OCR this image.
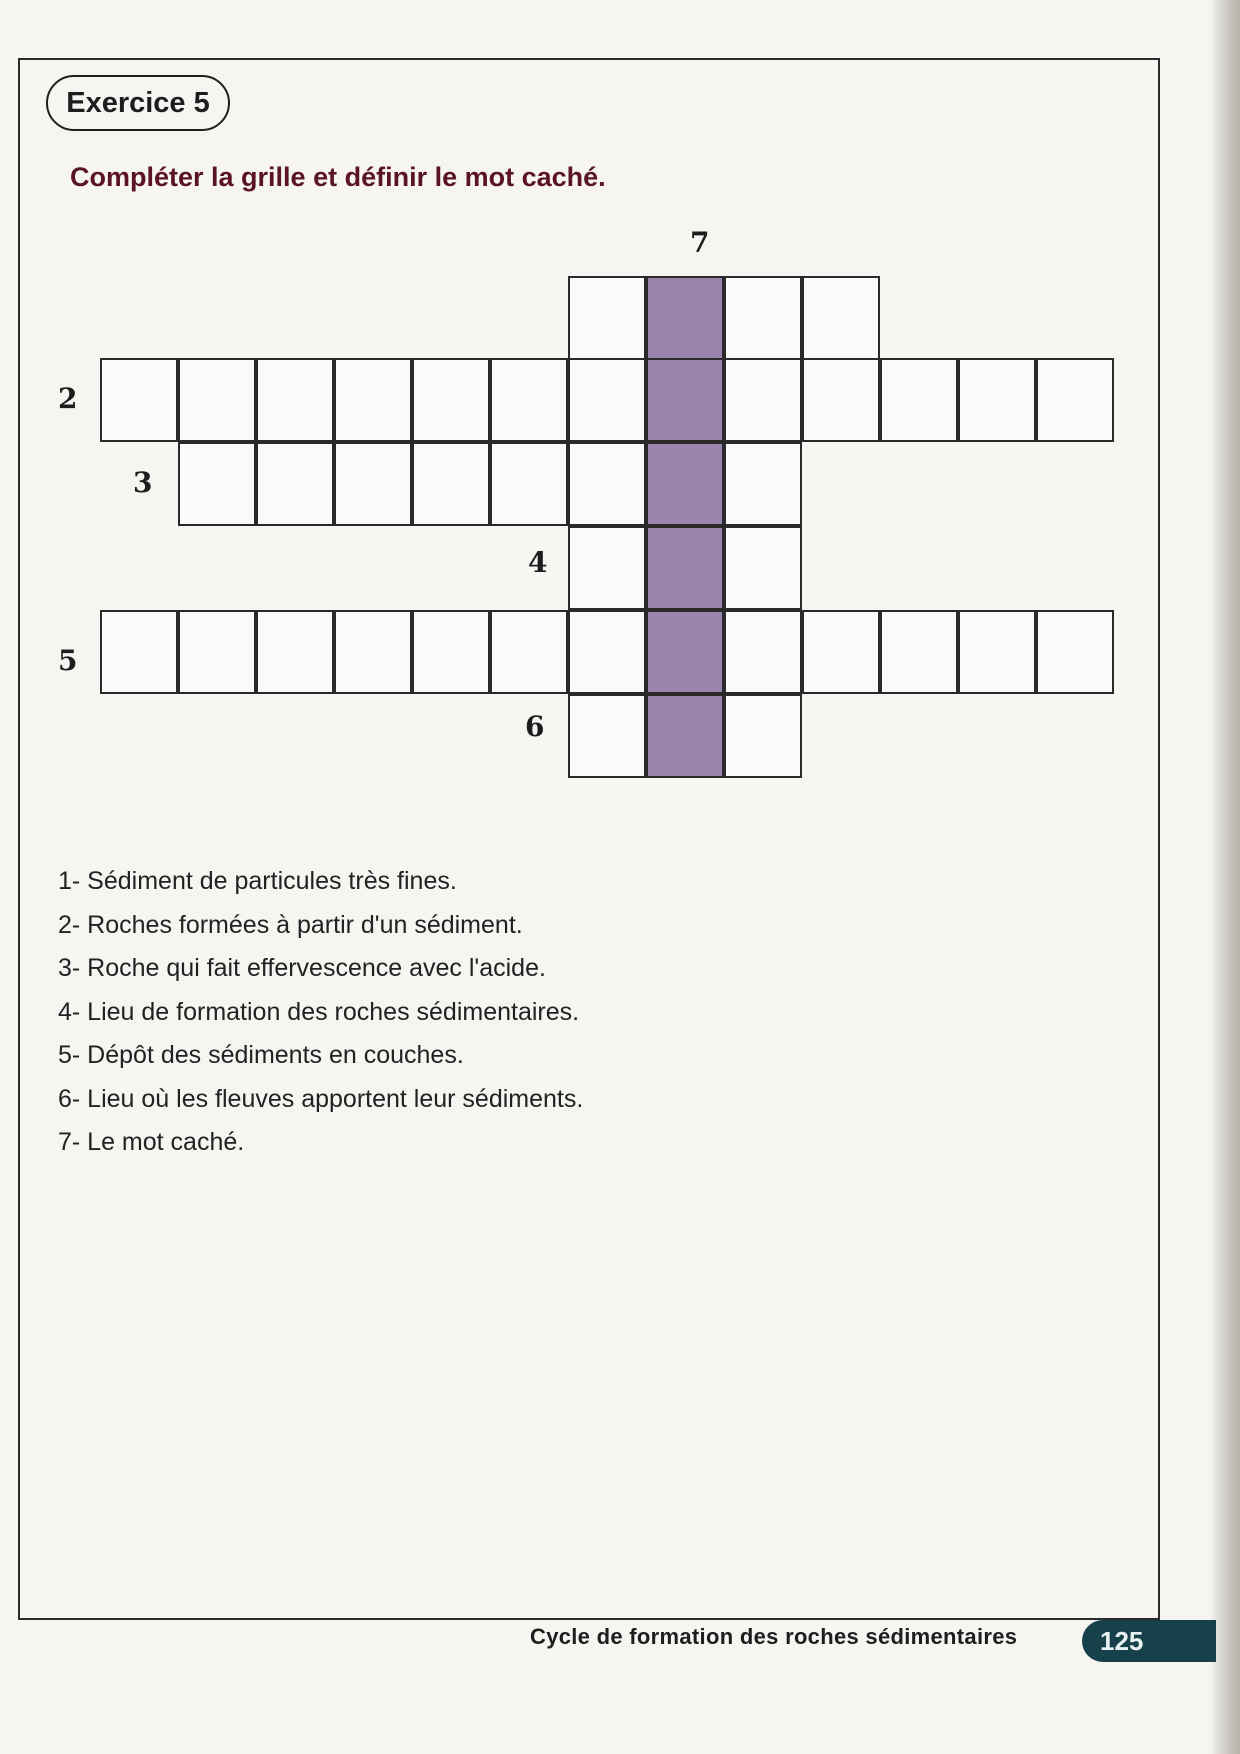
Exercice 5
Compléter la grille et définir le mot caché.
7
2
3
4
5
6
1- Sédiment de particules très fines.
2- Roches formées à partir d'un sédiment.
3- Roche qui fait effervescence avec l'acide.
4- Lieu de formation des roches sédimentaires.
5- Dépôt des sédiments en couches.
6- Lieu où les fleuves apportent leur sédiments.
7- Le mot caché.
Cycle de formation des roches sédimentaires	125
